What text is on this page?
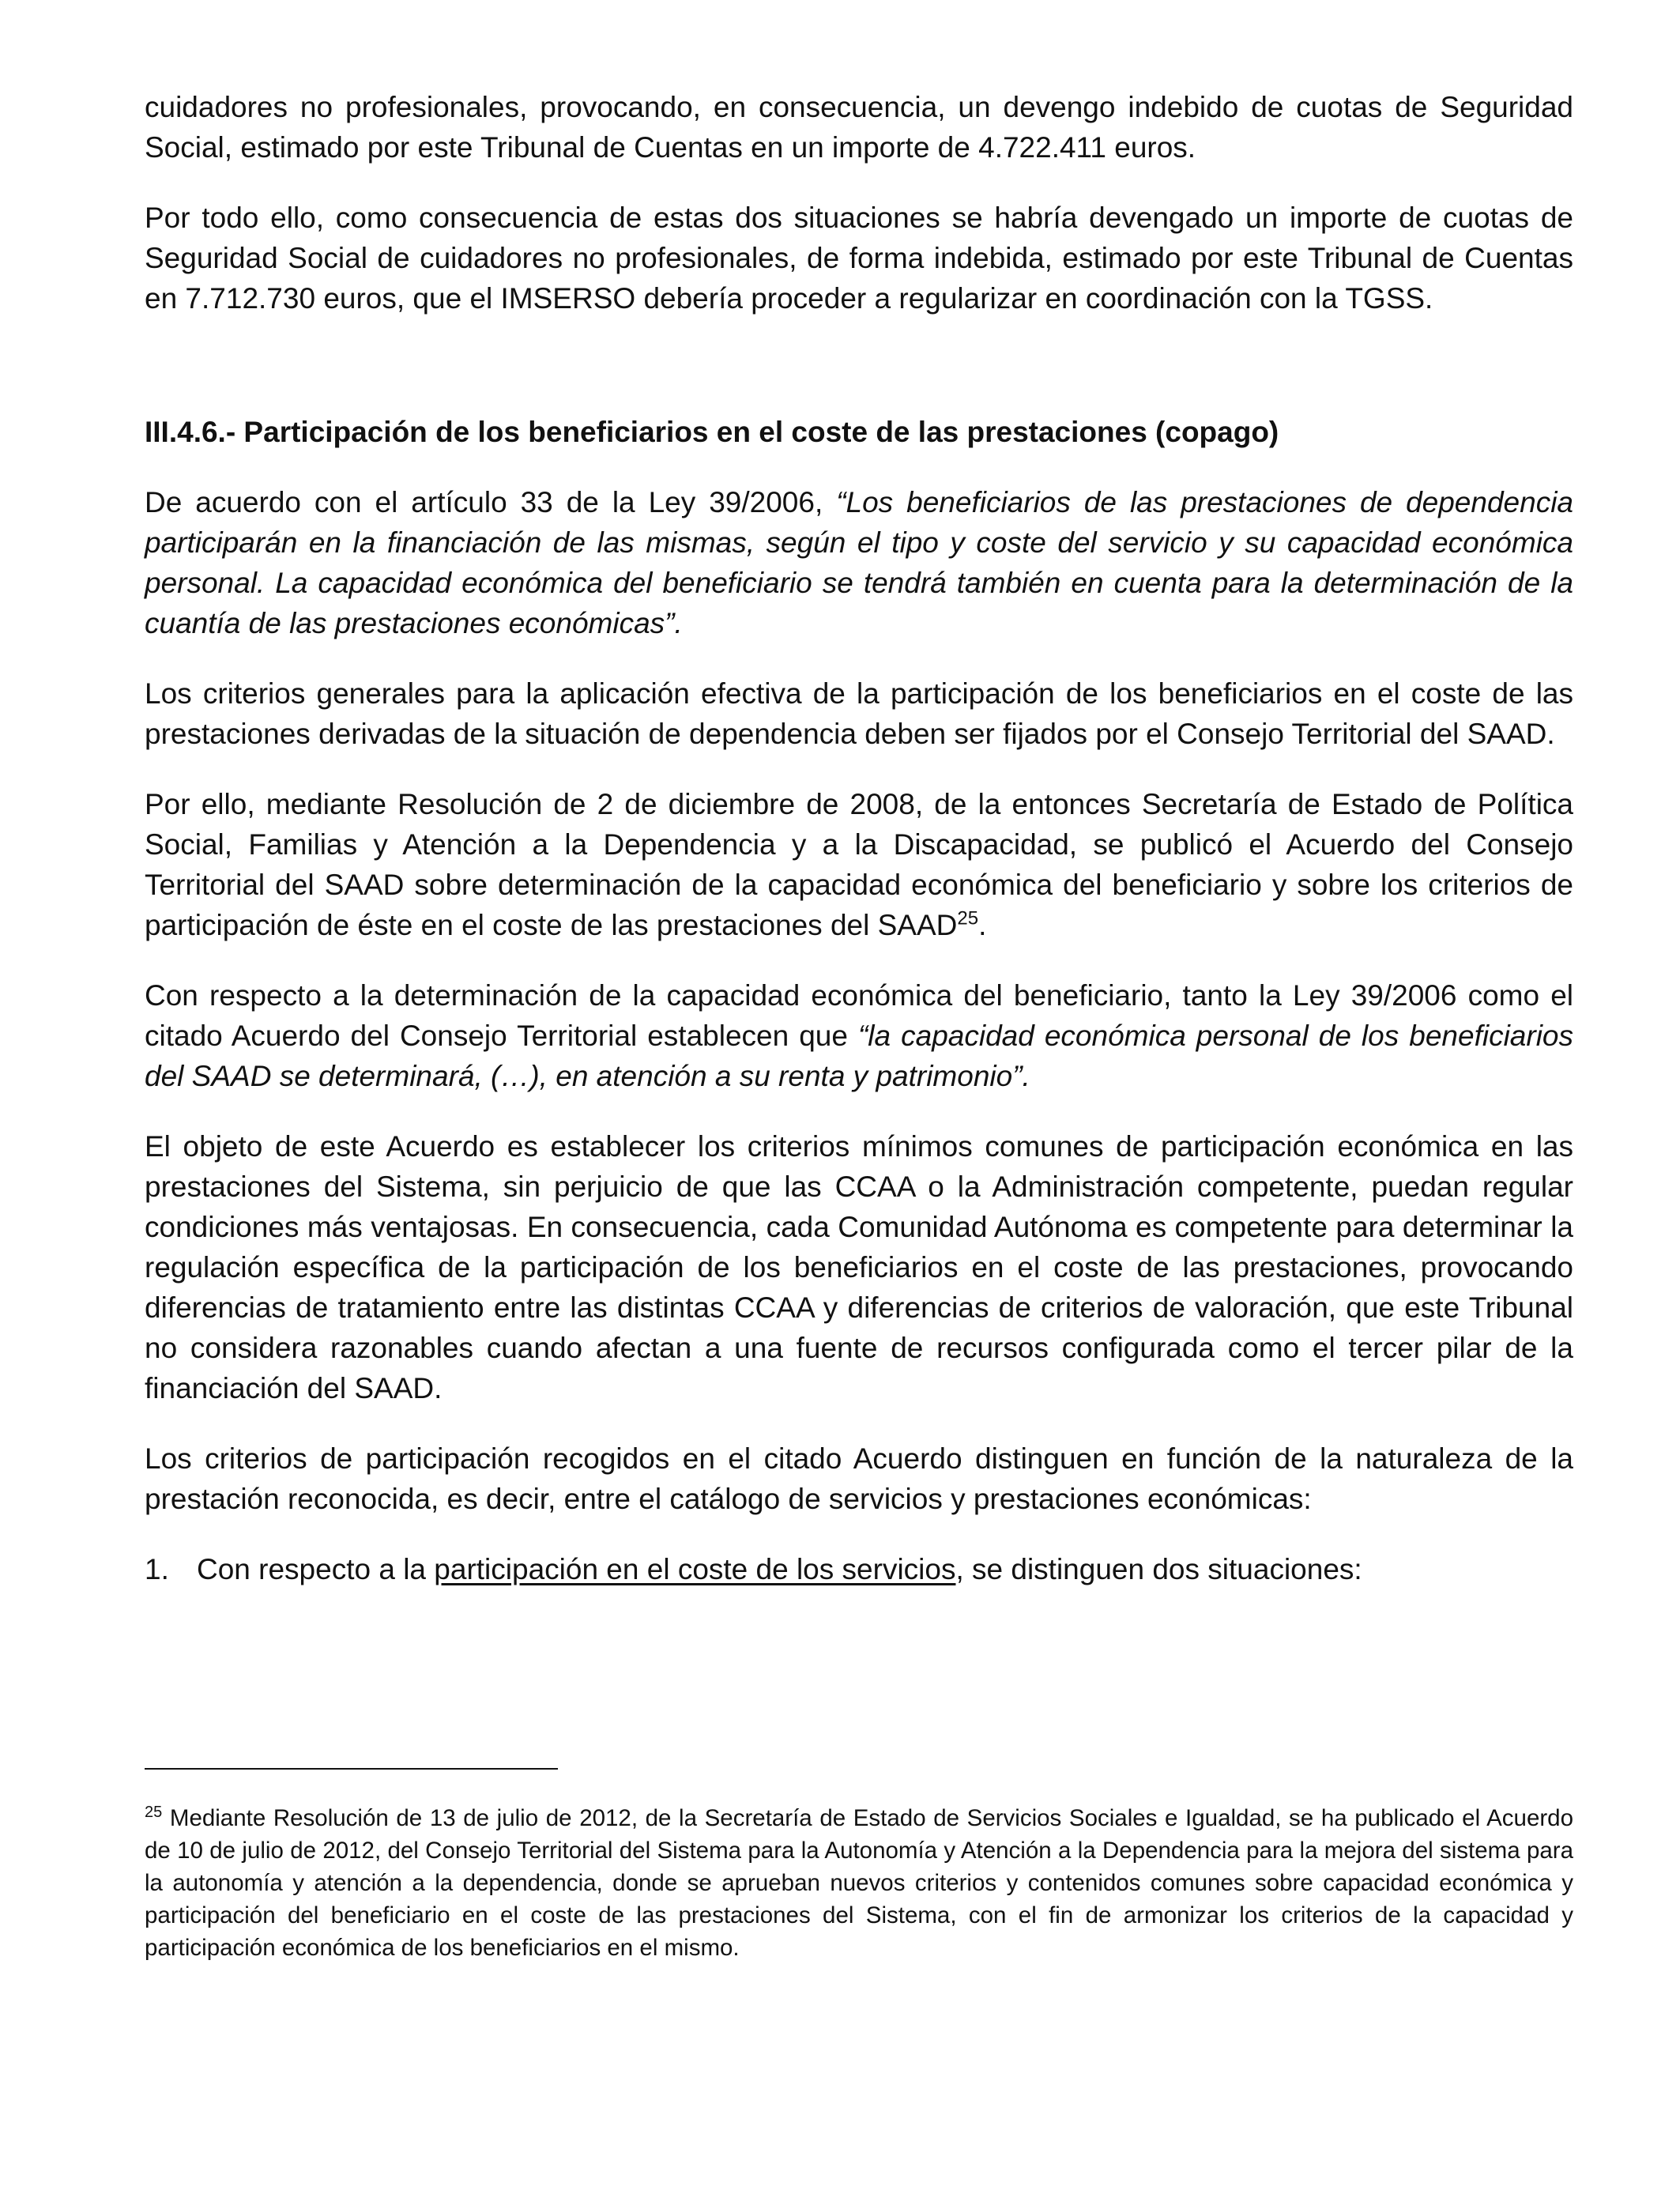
cuidadores no profesionales, provocando, en consecuencia, un devengo indebido de cuotas de Seguridad Social, estimado por este Tribunal de Cuentas en un importe de 4.722.411 euros.

Por todo ello, como consecuencia de estas dos situaciones se habría devengado un importe de cuotas de Seguridad Social de cuidadores no profesionales, de forma indebida, estimado por este Tribunal de Cuentas en 7.712.730 euros, que el IMSERSO debería proceder a regularizar en coordinación con la TGSS.

III.4.6.- Participación de los beneficiarios en el coste de las prestaciones (copago)

De acuerdo con el artículo 33 de la Ley 39/2006, “Los beneficiarios de las prestaciones de dependencia participarán en la financiación de las mismas, según el tipo y coste del servicio y su capacidad económica personal. La capacidad económica del beneficiario se tendrá también en cuenta para la determinación de la cuantía de las prestaciones económicas”.

Los criterios generales para la aplicación efectiva de la participación de los beneficiarios en el coste de las prestaciones derivadas de la situación de dependencia deben ser fijados por el Consejo Territorial del SAAD.

Por ello, mediante Resolución de 2 de diciembre de 2008, de la entonces Secretaría de Estado de Política Social, Familias y Atención a la Dependencia y a la Discapacidad, se publicó el Acuerdo del Consejo Territorial del SAAD sobre determinación de la capacidad económica del beneficiario y sobre los criterios de participación de éste en el coste de las prestaciones del SAAD$^{25}$.

Con respecto a la determinación de la capacidad económica del beneficiario, tanto la Ley 39/2006 como el citado Acuerdo del Consejo Territorial establecen que “la capacidad económica personal de los beneficiarios del SAAD se determinará, (…), en atención a su renta y patrimonio”.

El objeto de este Acuerdo es establecer los criterios mínimos comunes de participación económica en las prestaciones del Sistema, sin perjuicio de que las CCAA o la Administración competente, puedan regular condiciones más ventajosas. En consecuencia, cada Comunidad Autónoma es competente para determinar la regulación específica de la participación de los beneficiarios en el coste de las prestaciones, provocando diferencias de tratamiento entre las distintas CCAA y diferencias de criterios de valoración, que este Tribunal no considera razonables cuando afectan a una fuente de recursos configurada como el tercer pilar de la financiación del SAAD.

Los criterios de participación recogidos en el citado Acuerdo distinguen en función de la naturaleza de la prestación reconocida, es decir, entre el catálogo de servicios y prestaciones económicas:

1. Con respecto a la participación en el coste de los servicios, se distinguen dos situaciones:

$^{25}$ Mediante Resolución de 13 de julio de 2012, de la Secretaría de Estado de Servicios Sociales e Igualdad, se ha publicado el Acuerdo de 10 de julio de 2012, del Consejo Territorial del Sistema para la Autonomía y Atención a la Dependencia para la mejora del sistema para la autonomía y atención a la dependencia, donde se aprueban nuevos criterios y contenidos comunes sobre capacidad económica y participación del beneficiario en el coste de las prestaciones del Sistema, con el fin de armonizar los criterios de la capacidad y participación económica de los beneficiarios en el mismo.
